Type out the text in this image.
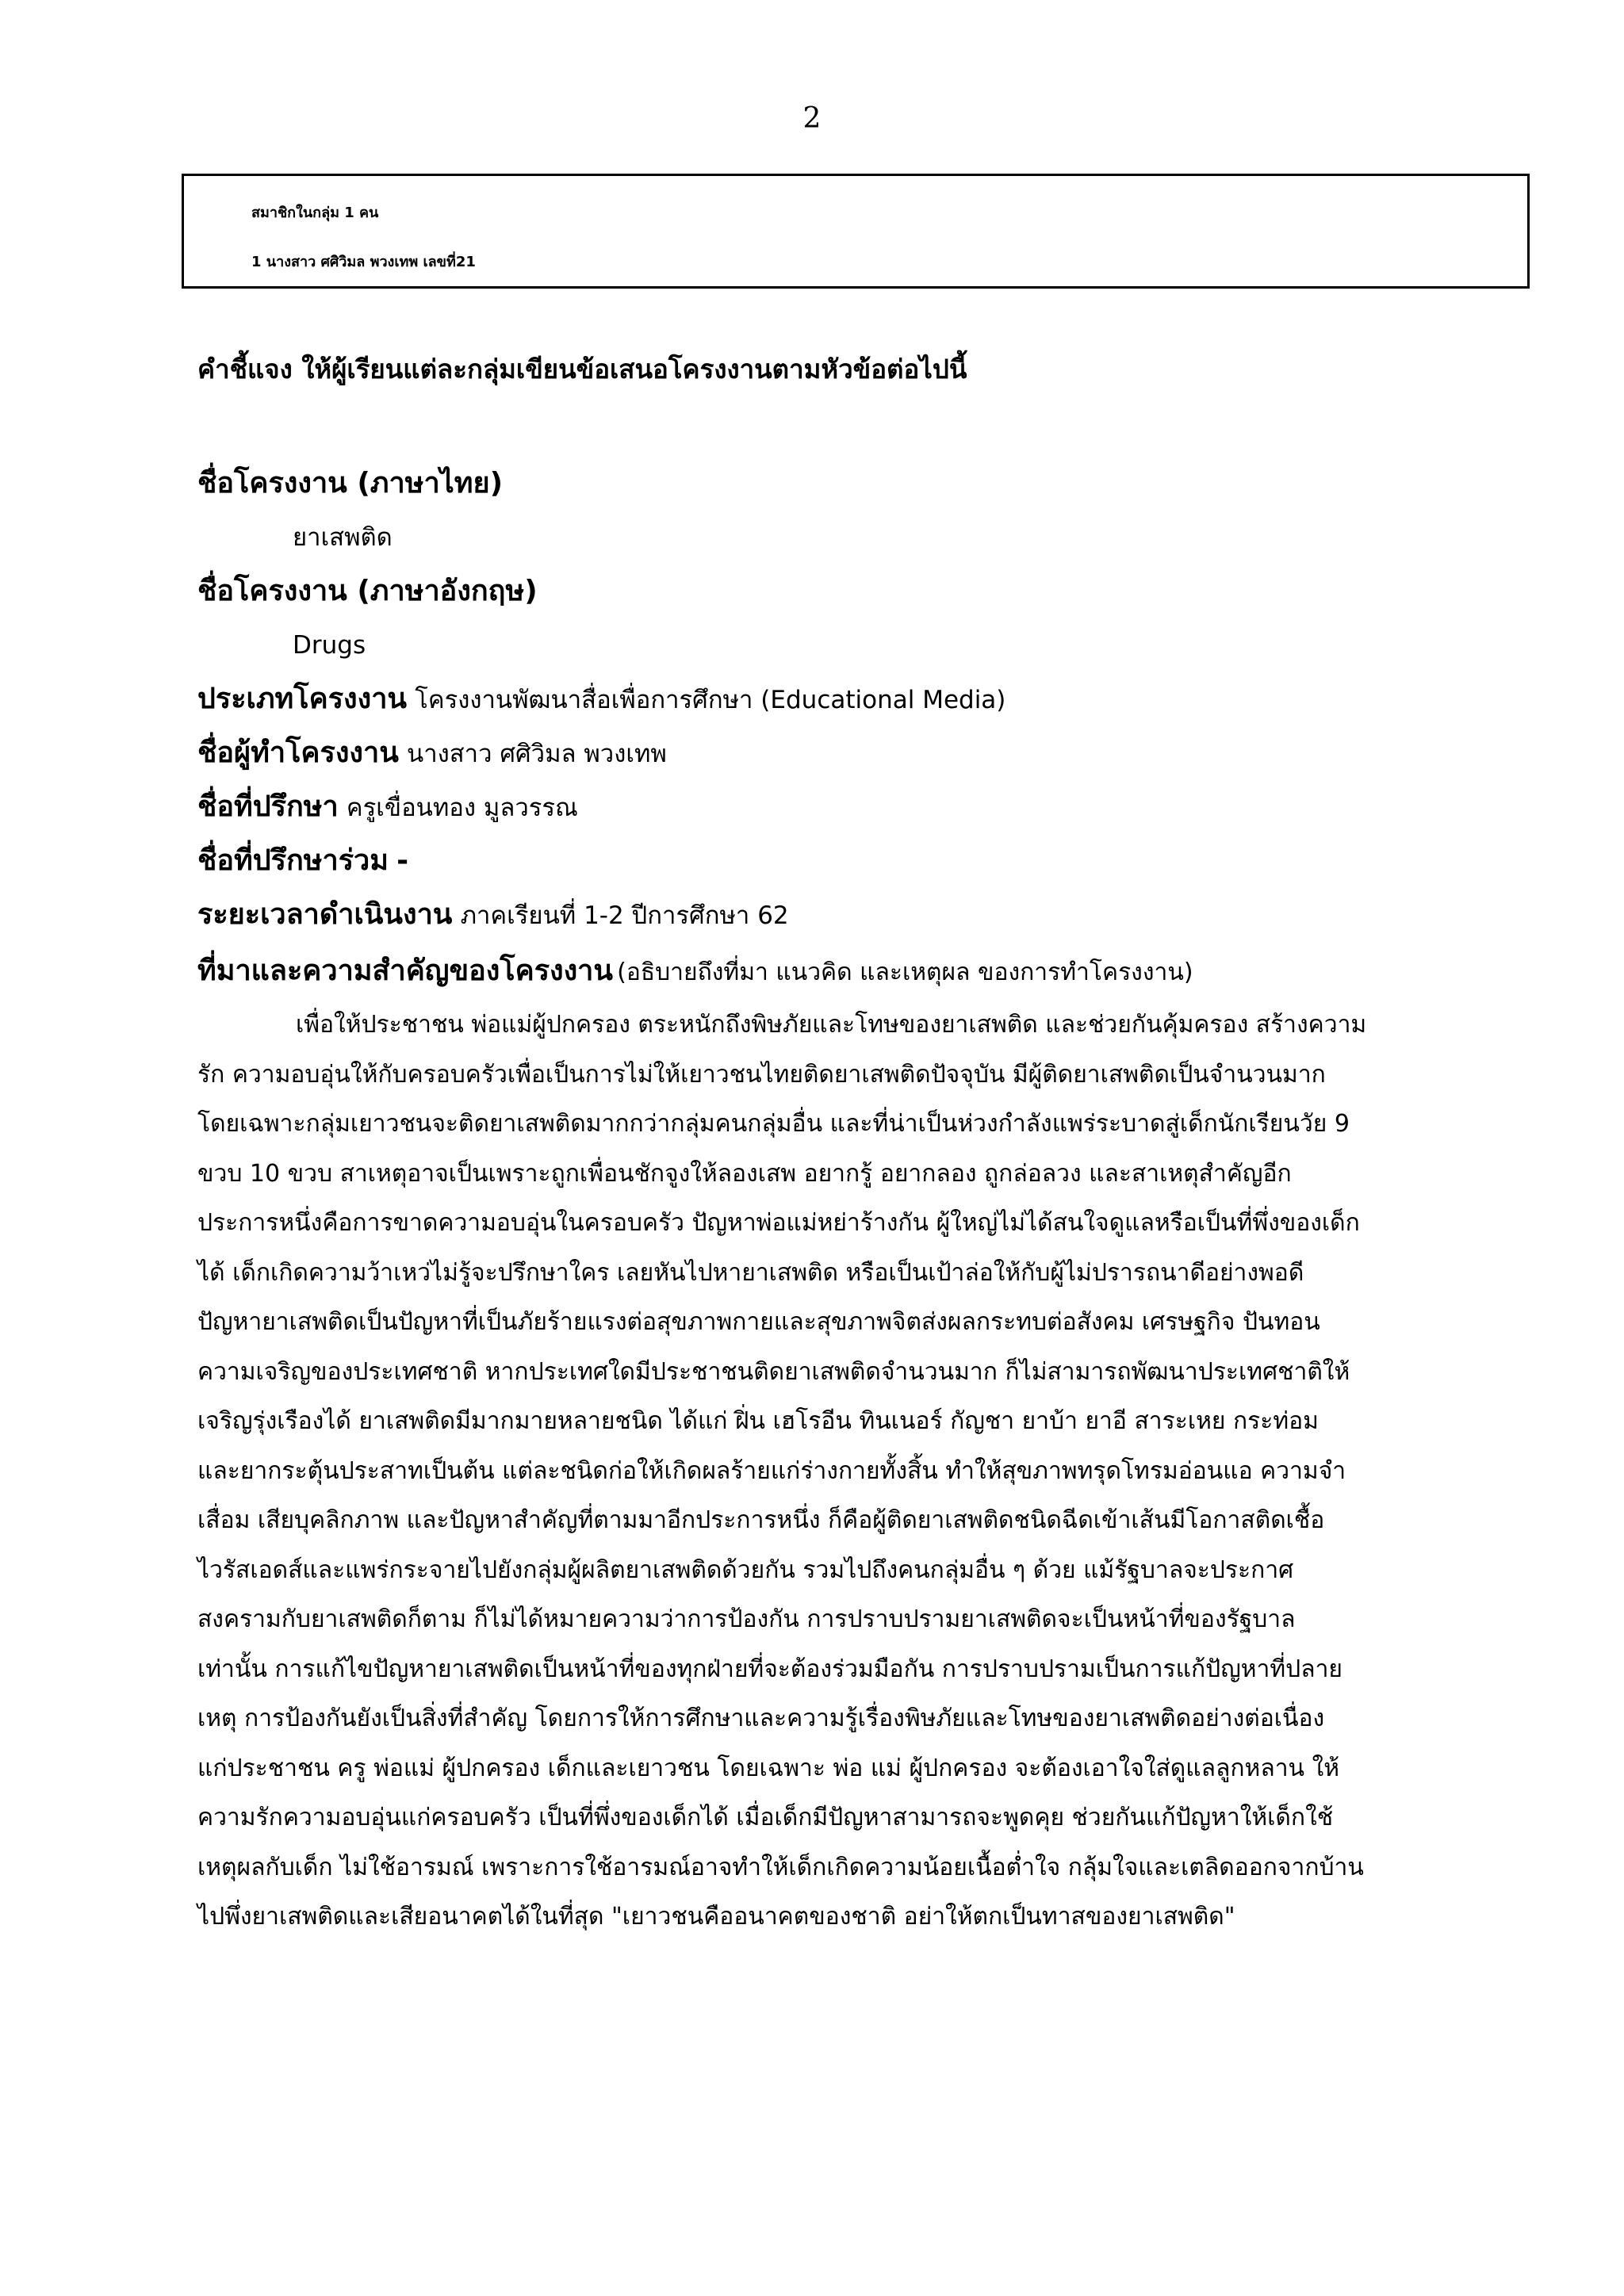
2
สมาชิกในกลุ่ม 1 คน
1 นางสาว ศศิวิมล พวงเทพ เลขที่21
คำชี้แจง ให้ผู้เรียนแต่ละกลุ่มเขียนข้อเสนอโครงงานตามหัวข้อต่อไปนี้
ชื่อโครงงาน (ภาษาไทย)
ยาเสพติด
ชื่อโครงงาน (ภาษาอังกฤษ)
Drugs
ประเภทโครงงาน โครงงานพัฒนาสื่อเพื่อการศึกษา (Educational Media)
ชื่อผู้ทำโครงงาน นางสาว ศศิวิมล พวงเทพ
ชื่อที่ปรึกษา ครูเขื่อนทอง มูลวรรณ
ชื่อที่ปรึกษาร่วม -
ระยะเวลาดำเนินงาน ภาคเรียนที่ 1-2 ปีการศึกษา 62
ที่มาและความสำคัญของโครงงาน (อธิบายถึงที่มา แนวคิด และเหตุผล ของการทำโครงงาน)
เพื่อให้ประชาชน พ่อแม่ผู้ปกครอง ตระหนักถึงพิษภัยและโทษของยาเสพติด และช่วยกันคุ้มครอง สร้างความ
รัก ความอบอุ่นให้กับครอบครัวเพื่อเป็นการไม่ให้เยาวชนไทยติดยาเสพติดปัจจุบัน มีผู้ติดยาเสพติดเป็นจำนวนมาก
โดยเฉพาะกลุ่มเยาวชนจะติดยาเสพติดมากกว่ากลุ่มคนกลุ่มอื่น และที่น่าเป็นห่วงกำลังแพร่ระบาดสู่เด็กนักเรียนวัย 9
ขวบ 10 ขวบ สาเหตุอาจเป็นเพราะถูกเพื่อนชักจูงให้ลองเสพ อยากรู้ อยากลอง ถูกล่อลวง และสาเหตุสำคัญอีก
ประการหนึ่งคือการขาดความอบอุ่นในครอบครัว ปัญหาพ่อแม่หย่าร้างกัน ผู้ใหญ่ไม่ได้สนใจดูแลหรือเป็นที่พึ่งของเด็ก
ได้ เด็กเกิดความว้าเหว่ไม่รู้จะปรึกษาใคร เลยหันไปหายาเสพติด หรือเป็นเป้าล่อให้กับผู้ไม่ปรารถนาดีอย่างพอดี
ปัญหายาเสพติดเป็นปัญหาที่เป็นภัยร้ายแรงต่อสุขภาพกายและสุขภาพจิตส่งผลกระทบต่อสังคม เศรษฐกิจ ปันทอน
ความเจริญของประเทศชาติ หากประเทศใดมีประชาชนติดยาเสพติดจำนวนมาก ก็ไม่สามารถพัฒนาประเทศชาติให้
เจริญรุ่งเรืองได้ ยาเสพติดมีมากมายหลายชนิด ได้แก่ ฝิ่น เฮโรอีน ทินเนอร์ กัญชา ยาบ้า ยาอี สาระเหย กระท่อม
และยากระตุ้นประสาทเป็นต้น แต่ละชนิดก่อให้เกิดผลร้ายแก่ร่างกายทั้งสิ้น ทำให้สุขภาพทรุดโทรมอ่อนแอ ความจำ
เสื่อม เสียบุคลิกภาพ และปัญหาสำคัญที่ตามมาอีกประการหนึ่ง ก็คือผู้ติดยาเสพติดชนิดฉีดเข้าเส้นมีโอกาสติดเชื้อ
ไวรัสเอดส์และแพร่กระจายไปยังกลุ่มผู้ผลิตยาเสพติดด้วยกัน รวมไปถึงคนกลุ่มอื่น ๆ ด้วย แม้รัฐบาลจะประกาศ
สงครามกับยาเสพติดก็ตาม ก็ไม่ได้หมายความว่าการป้องกัน การปราบปรามยาเสพติดจะเป็นหน้าที่ของรัฐบาล
เท่านั้น การแก้ไขปัญหายาเสพติดเป็นหน้าที่ของทุกฝ่ายที่จะต้องร่วมมือกัน การปราบปรามเป็นการแก้ปัญหาที่ปลาย
เหตุ การป้องกันยังเป็นสิ่งที่สำคัญ โดยการให้การศึกษาและความรู้เรื่องพิษภัยและโทษของยาเสพติดอย่างต่อเนื่อง
แก่ประชาชน ครู พ่อแม่ ผู้ปกครอง เด็กและเยาวชน โดยเฉพาะ พ่อ แม่ ผู้ปกครอง จะต้องเอาใจใส่ดูแลลูกหลาน ให้
ความรักความอบอุ่นแก่ครอบครัว เป็นที่พึ่งของเด็กได้ เมื่อเด็กมีปัญหาสามารถจะพูดคุย ช่วยกันแก้ปัญหาให้เด็กใช้
เหตุผลกับเด็ก ไม่ใช้อารมณ์ เพราะการใช้อารมณ์อาจทำให้เด็กเกิดความน้อยเนื้อต่ำใจ กลุ้มใจและเตลิดออกจากบ้าน
ไปพึ่งยาเสพติดและเสียอนาคตได้ในที่สุด "เยาวชนคืออนาคตของชาติ อย่าให้ตกเป็นทาสของยาเสพติด"
